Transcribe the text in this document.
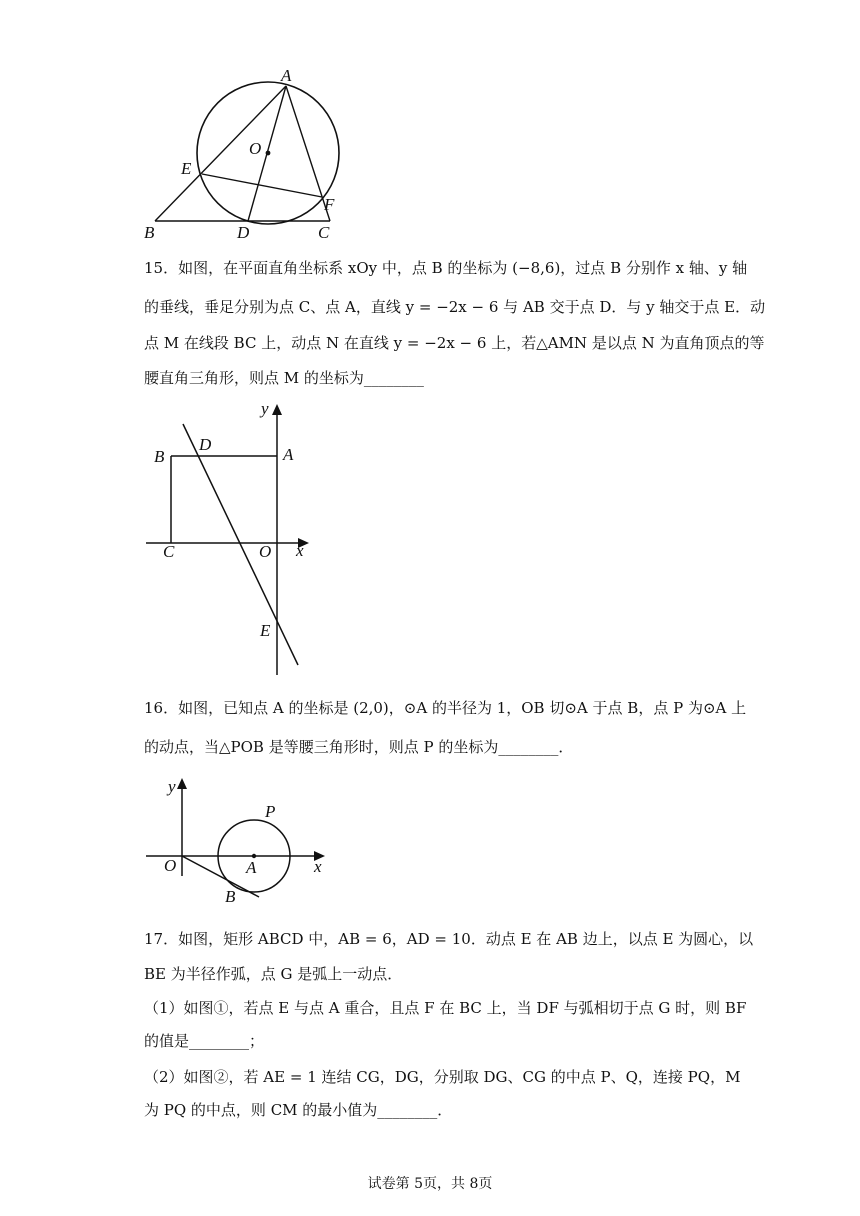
A
O
E
F
B	D	C
15．如图，在平面直角坐标系 xOy 中，点 B 的坐标为 (−8,6)，过点 B 分别作 x 轴、y 轴
的垂线，垂足分别为点 C、点 A，直线 y = −2x − 6 与 AB 交于点 D．与 y 轴交于点 E．动
点 M 在线段 BC 上，动点 N 在直线 y = −2x − 6 上，若△AMN 是以点 N 为直角顶点的等
腰直角三角形，则点 M 的坐标为________
y
B
D
A
C	O x
E
16．如图，已知点 A 的坐标是 (2,0)，⊙A 的半径为 1，OB 切⊙A 于点 B，点 P 为⊙A 上
的动点，当△POB 是等腰三角形时，则点 P 的坐标为________．
y
P
O	A	x
B
17．如图，矩形 ABCD 中，AB = 6，AD = 10．动点 E 在 AB 边上，以点 E 为圆心，以
BE 为半径作弧，点 G 是弧上一动点．
（1）如图①，若点 E 与点 A 重合，且点 F 在 BC 上，当 DF 与弧相切于点 G 时，则 BF
的值是________；
（2）如图②，若 AE = 1 连结 CG，DG，分别取 DG、CG 的中点 P、Q，连接 PQ，M
为 PQ 的中点，则 CM 的最小值为________．
试卷第 5页，共 8页
